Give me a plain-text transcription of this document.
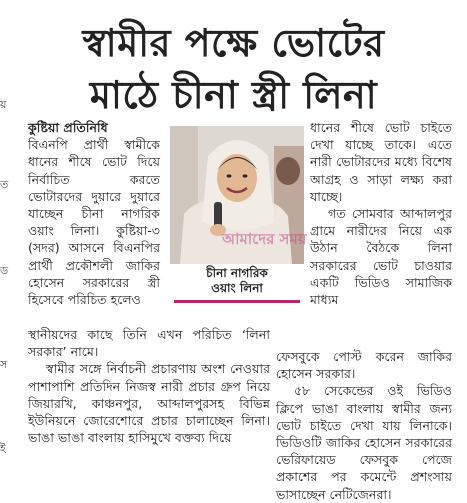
স্বামীর পক্ষে ভোটের
মাঠে চীনা স্ত্রী লিনা
য়
ত
ড
স
ই

কুষ্টিয়া প্রতিনিধি

বিএনপি প্রার্থী স্বামীকে ধানের শীষে ভোট দিয়ে নির্বাচিত করতে ভোটারদের দুয়ারে দুয়ারে যাচ্ছেন চীনা নাগরিক ওয়াং লিনা। কুষ্টিয়া-৩ (সদর) আসনে বিএনপির প্রার্থী প্রকৌশলী জাকির হোসেন সরকারের স্ত্রী হিসেবে পরিচিত হলেও

আমাদের সময়
চীনা নাগরিক
ওয়াং লিনা

স্থানীয়দের কাছে তিনি এখন পরিচিত ‘লিনা সরকার’ নামে।

স্বামীর সঙ্গে নির্বাচনী প্রচারণায় অংশ নেওয়ার পাশাপাশি প্রতিদিন নিজস্ব নারী প্রচার গ্রুপ নিয়ে জিয়ারখি, কাঞ্চনপুর, আব্দালপুরসহ বিভিন্ন ইউনিয়নে জোরেশোরে প্রচার চালাচ্ছেন লিনা। ভাঙা ভাঙা বাংলায় হাসিমুখে বক্তব্য দিয়ে

ধানের শীষে ভোট চাইতে দেখা যাচ্ছে তাকে। এতে নারী ভোটারদের মধ্যে বিশেষ আগ্রহ ও সাড়া লক্ষ্য করা যাচ্ছে।

গত সোমবার আব্দালপুর গ্রামে নারীদের নিয়ে এক উঠান বৈঠকে লিনা সরকারের ভোট চাওয়ার একটি ভিডিও সামাজিক মাধ্যম

ফেসবুকে পোস্ট করেন জাকির হোসেন সরকার।

৫৮ সেকেন্ডের ওই ভিডিও ক্লিপে ভাঙা বাংলায় স্বামীর জন্য ভোট চাইতে দেখা যায় লিনাকে। ভিডিওটি জাকির হোসেন সরকারের ভেরিফায়েড ফেসবুক পেজে প্রকাশের পর কমেন্টে প্রশংসায় ভাসাচ্ছেন নেটিজেনরা।
